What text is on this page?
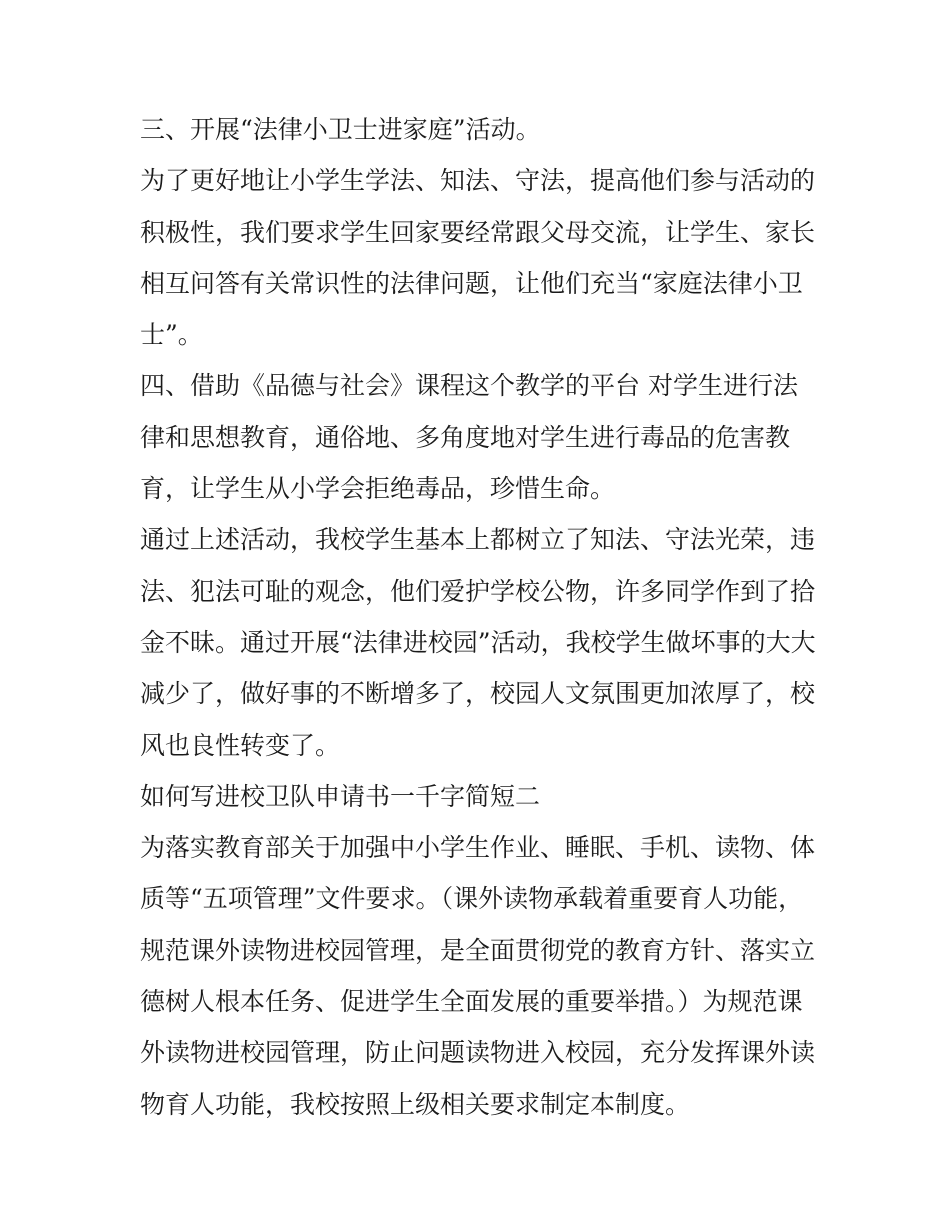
三、开展“法律小卫士进家庭”活动。

为了更好地让小学生学法、知法、守法，提高他们参与活动的

积极性，我们要求学生回家要经常跟父母交流，让学生、家长

相互问答有关常识性的法律问题，让他们充当“家庭法律小卫

士”。

四、借助《品德与社会》课程这个教学的平台 对学生进行法

律和思想教育，通俗地、多角度地对学生进行毒品的危害教

育，让学生从小学会拒绝毒品，珍惜生命。

通过上述活动，我校学生基本上都树立了知法、守法光荣，违

法、犯法可耻的观念，他们爱护学校公物，许多同学作到了拾

金不昧。通过开展“法律进校园”活动，我校学生做坏事的大大

减少了，做好事的不断增多了，校园人文氛围更加浓厚了，校

风也良性转变了。

如何写进校卫队申请书一千字简短二

为落实教育部关于加强中小学生作业、睡眠、手机、读物、体

质等“五项管理”文件要求。（课外读物承载着重要育人功能，

规范课外读物进校园管理，是全面贯彻党的教育方针、落实立

德树人根本任务、促进学生全面发展的重要举措。）为规范课

外读物进校园管理，防止问题读物进入校园，充分发挥课外读

物育人功能，我校按照上级相关要求制定本制度。
